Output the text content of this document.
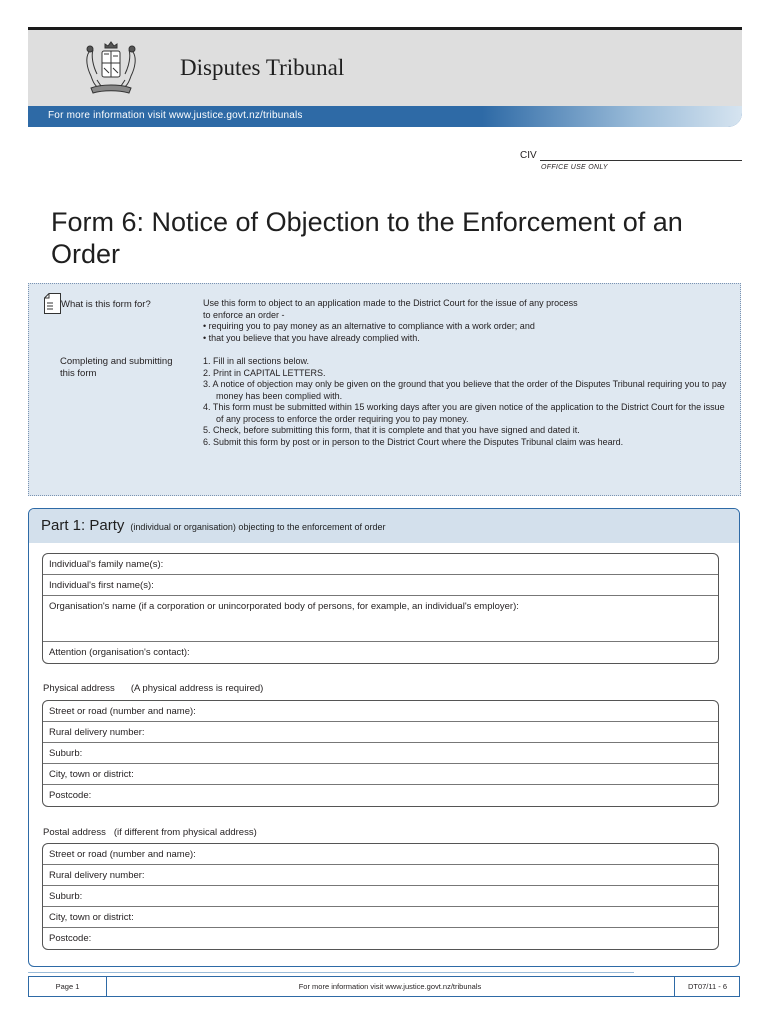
Disputes Tribunal
For more information visit www.justice.govt.nz/tribunals
CIV
OFFICE USE ONLY
Form 6: Notice of Objection to the Enforcement of an Order
What is this form for?
Completing and submitting this form
Use this form to object to an application made to the District Court for the issue of any process
to enforce an order -
• requiring you to pay money as an alternative to compliance with a work order; and
• that you believe that you have already complied with.
1. Fill in all sections below.
2. Print in CAPITAL LETTERS.
3. A notice of objection may only be given on the ground that you believe that the order of the Disputes Tribunal requiring you to pay money has been complied with.
4. This form must be submitted within 15 working days after you are given notice of the application to the District Court for the issue of any process to enforce the order requiring you to pay money.
5. Check, before submitting this form, that it is complete and that you have signed and dated it.
6. Submit this form by post or in person to the District Court where the Disputes Tribunal claim was heard.
Part 1: Party (individual or organisation) objecting to the enforcement of order
Individual's family name(s):
Individual's first name(s):
Organisation's name (if a corporation or unincorporated body of persons, for example, an individual's employer):
Attention (organisation's contact):
Physical address (A physical address is required)
Street or road (number and name):
Rural delivery number:
Suburb:
City, town or district:
Postcode:
Postal address (if different from physical address)
Street or road (number and name):
Rural delivery number:
Suburb:
City, town or district:
Postcode:
Page 1	For more information visit www.justice.govt.nz/tribunals	DT07/11 - 6
